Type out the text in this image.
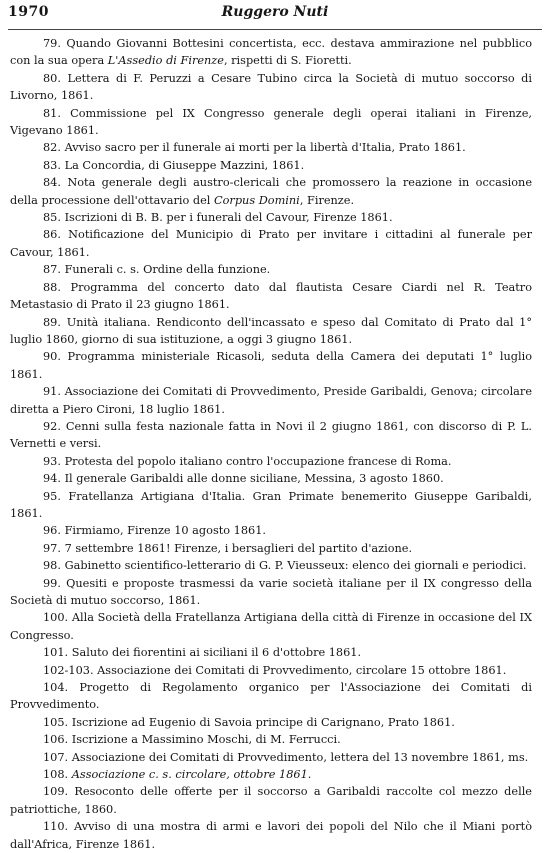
1970	Ruggero Nuti

79. Quando Giovanni Bottesini concertista, ecc. destava ammirazione nel pubblico con la sua opera L'Assedio di Firenze, rispetti di S. Fioretti.

80. Lettera di F. Peruzzi a Cesare Tubino circa la Società di mutuo soccorso di Livorno, 1861.

81. Commissione pel IX Congresso generale degli operai italiani in Firenze, Vigevano 1861.

82. Avviso sacro per il funerale ai morti per la libertà d'Italia, Prato 1861.

83. La Concordia, di Giuseppe Mazzini, 1861.

84. Nota generale degli austro-clericali che promossero la reazione in occasione della processione dell'ottavario del Corpus Domini, Firenze.

85. Iscrizioni di B. B. per i funerali del Cavour, Firenze 1861.

86. Notificazione del Municipio di Prato per invitare i cittadini al funerale per Cavour, 1861.

87. Funerali c. s. Ordine della funzione.

88. Programma del concerto dato dal flautista Cesare Ciardi nel R. Teatro Metastasio di Prato il 23 giugno 1861.

89. Unità italiana. Rendiconto dell'incassato e speso dal Comitato di Prato dal 1° luglio 1860, giorno di sua istituzione, a oggi 3 giugno 1861.

90. Programma ministeriale Ricasoli, seduta della Camera dei deputati 1° luglio 1861.

91. Associazione dei Comitati di Provvedimento, Preside Garibaldi, Genova; circolare diretta a Piero Cironi, 18 luglio 1861.

92. Cenni sulla festa nazionale fatta in Novi il 2 giugno 1861, con discorso di P. L. Vernetti e versi.

93. Protesta del popolo italiano contro l'occupazione francese di Roma.

94. Il generale Garibaldi alle donne siciliane, Messina, 3 agosto 1860.

95. Fratellanza Artigiana d'Italia. Gran Primate benemerito Giuseppe Garibaldi, 1861.

96. Firmiamo, Firenze 10 agosto 1861.

97. 7 settembre 1861! Firenze, i bersaglieri del partito d'azione.

98. Gabinetto scientifico-letterario di G. P. Vieusseux: elenco dei giornali e periodici.

99. Quesiti e proposte trasmessi da varie società italiane per il IX congresso della Società di mutuo soccorso, 1861.

100. Alla Società della Fratellanza Artigiana della città di Firenze in occasione del IX Congresso.

101. Saluto dei fiorentini ai siciliani il 6 d'ottobre 1861.

102-103. Associazione dei Comitati di Provvedimento, circolare 15 ottobre 1861.

104. Progetto di Regolamento organico per l'Associazione dei Comitati di Provvedimento.

105. Iscrizione ad Eugenio di Savoia principe di Carignano, Prato 1861.

106. Iscrizione a Massimino Moschi, di M. Ferrucci.

107. Associazione dei Comitati di Provvedimento, lettera del 13 novembre 1861, ms.

108. Associazione c. s. circolare, ottobre 1861.

109. Resoconto delle offerte per il soccorso a Garibaldi raccolte col mezzo delle patriottiche, 1860.

110. Avviso di una mostra di armi e lavori dei popoli del Nilo che il Miani portò dall'Africa, Firenze 1861.
